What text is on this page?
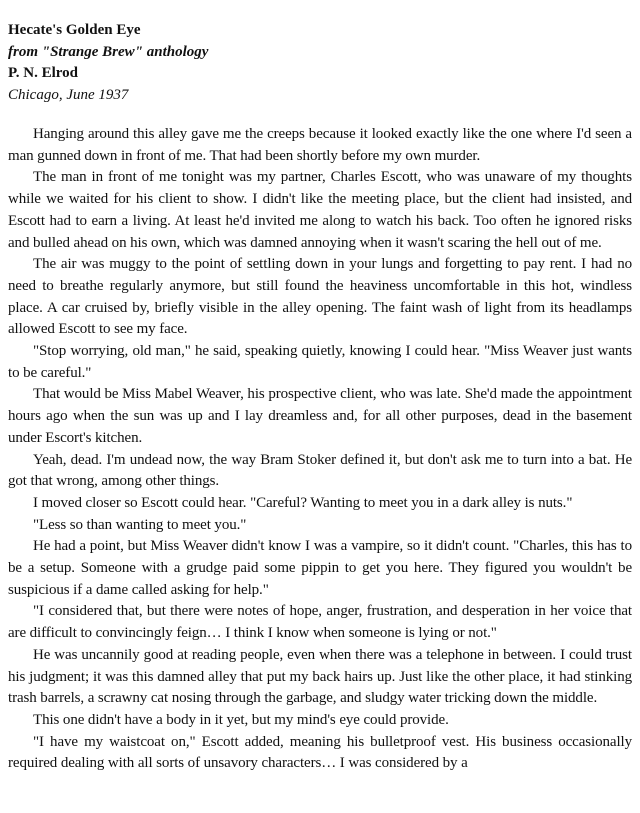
Hecate's Golden Eye
from "Strange Brew" anthology
P. N. Elrod
Chicago, June 1937

Hanging around this alley gave me the creeps because it looked exactly like the one where I'd seen a man gunned down in front of me. That had been shortly before my own murder.

The man in front of me tonight was my partner, Charles Escott, who was unaware of my thoughts while we waited for his client to show. I didn't like the meeting place, but the client had insisted, and Escott had to earn a living. At least he'd invited me along to watch his back. Too often he ignored risks and bulled ahead on his own, which was damned annoying when it wasn't scaring the hell out of me.

The air was muggy to the point of settling down in your lungs and forgetting to pay rent. I had no need to breathe regularly anymore, but still found the heaviness uncomfortable in this hot, windless place. A car cruised by, briefly visible in the alley opening. The faint wash of light from its headlamps allowed Escott to see my face.

"Stop worrying, old man," he said, speaking quietly, knowing I could hear. "Miss Weaver just wants to be careful."

That would be Miss Mabel Weaver, his prospective client, who was late. She'd made the appointment hours ago when the sun was up and I lay dreamless and, for all other purposes, dead in the basement under Escort's kitchen.

Yeah, dead. I'm undead now, the way Bram Stoker defined it, but don't ask me to turn into a bat. He got that wrong, among other things.

I moved closer so Escott could hear. "Careful? Wanting to meet you in a dark alley is nuts."

"Less so than wanting to meet you."

He had a point, but Miss Weaver didn't know I was a vampire, so it didn't count. "Charles, this has to be a setup. Someone with a grudge paid some pippin to get you here. They figured you wouldn't be suspicious if a dame called asking for help."

"I considered that, but there were notes of hope, anger, frustration, and desperation in her voice that are difficult to convincingly feign… I think I know when someone is lying or not."

He was uncannily good at reading people, even when there was a telephone in between. I could trust his judgment; it was this damned alley that put my back hairs up. Just like the other place, it had stinking trash barrels, a scrawny cat nosing through the garbage, and sludgy water tricking down the middle.

This one didn't have a body in it yet, but my mind's eye could provide.

"I have my waistcoat on," Escott added, meaning his bulletproof vest. His business occasionally required dealing with all sorts of unsavory characters… I was considered by a
